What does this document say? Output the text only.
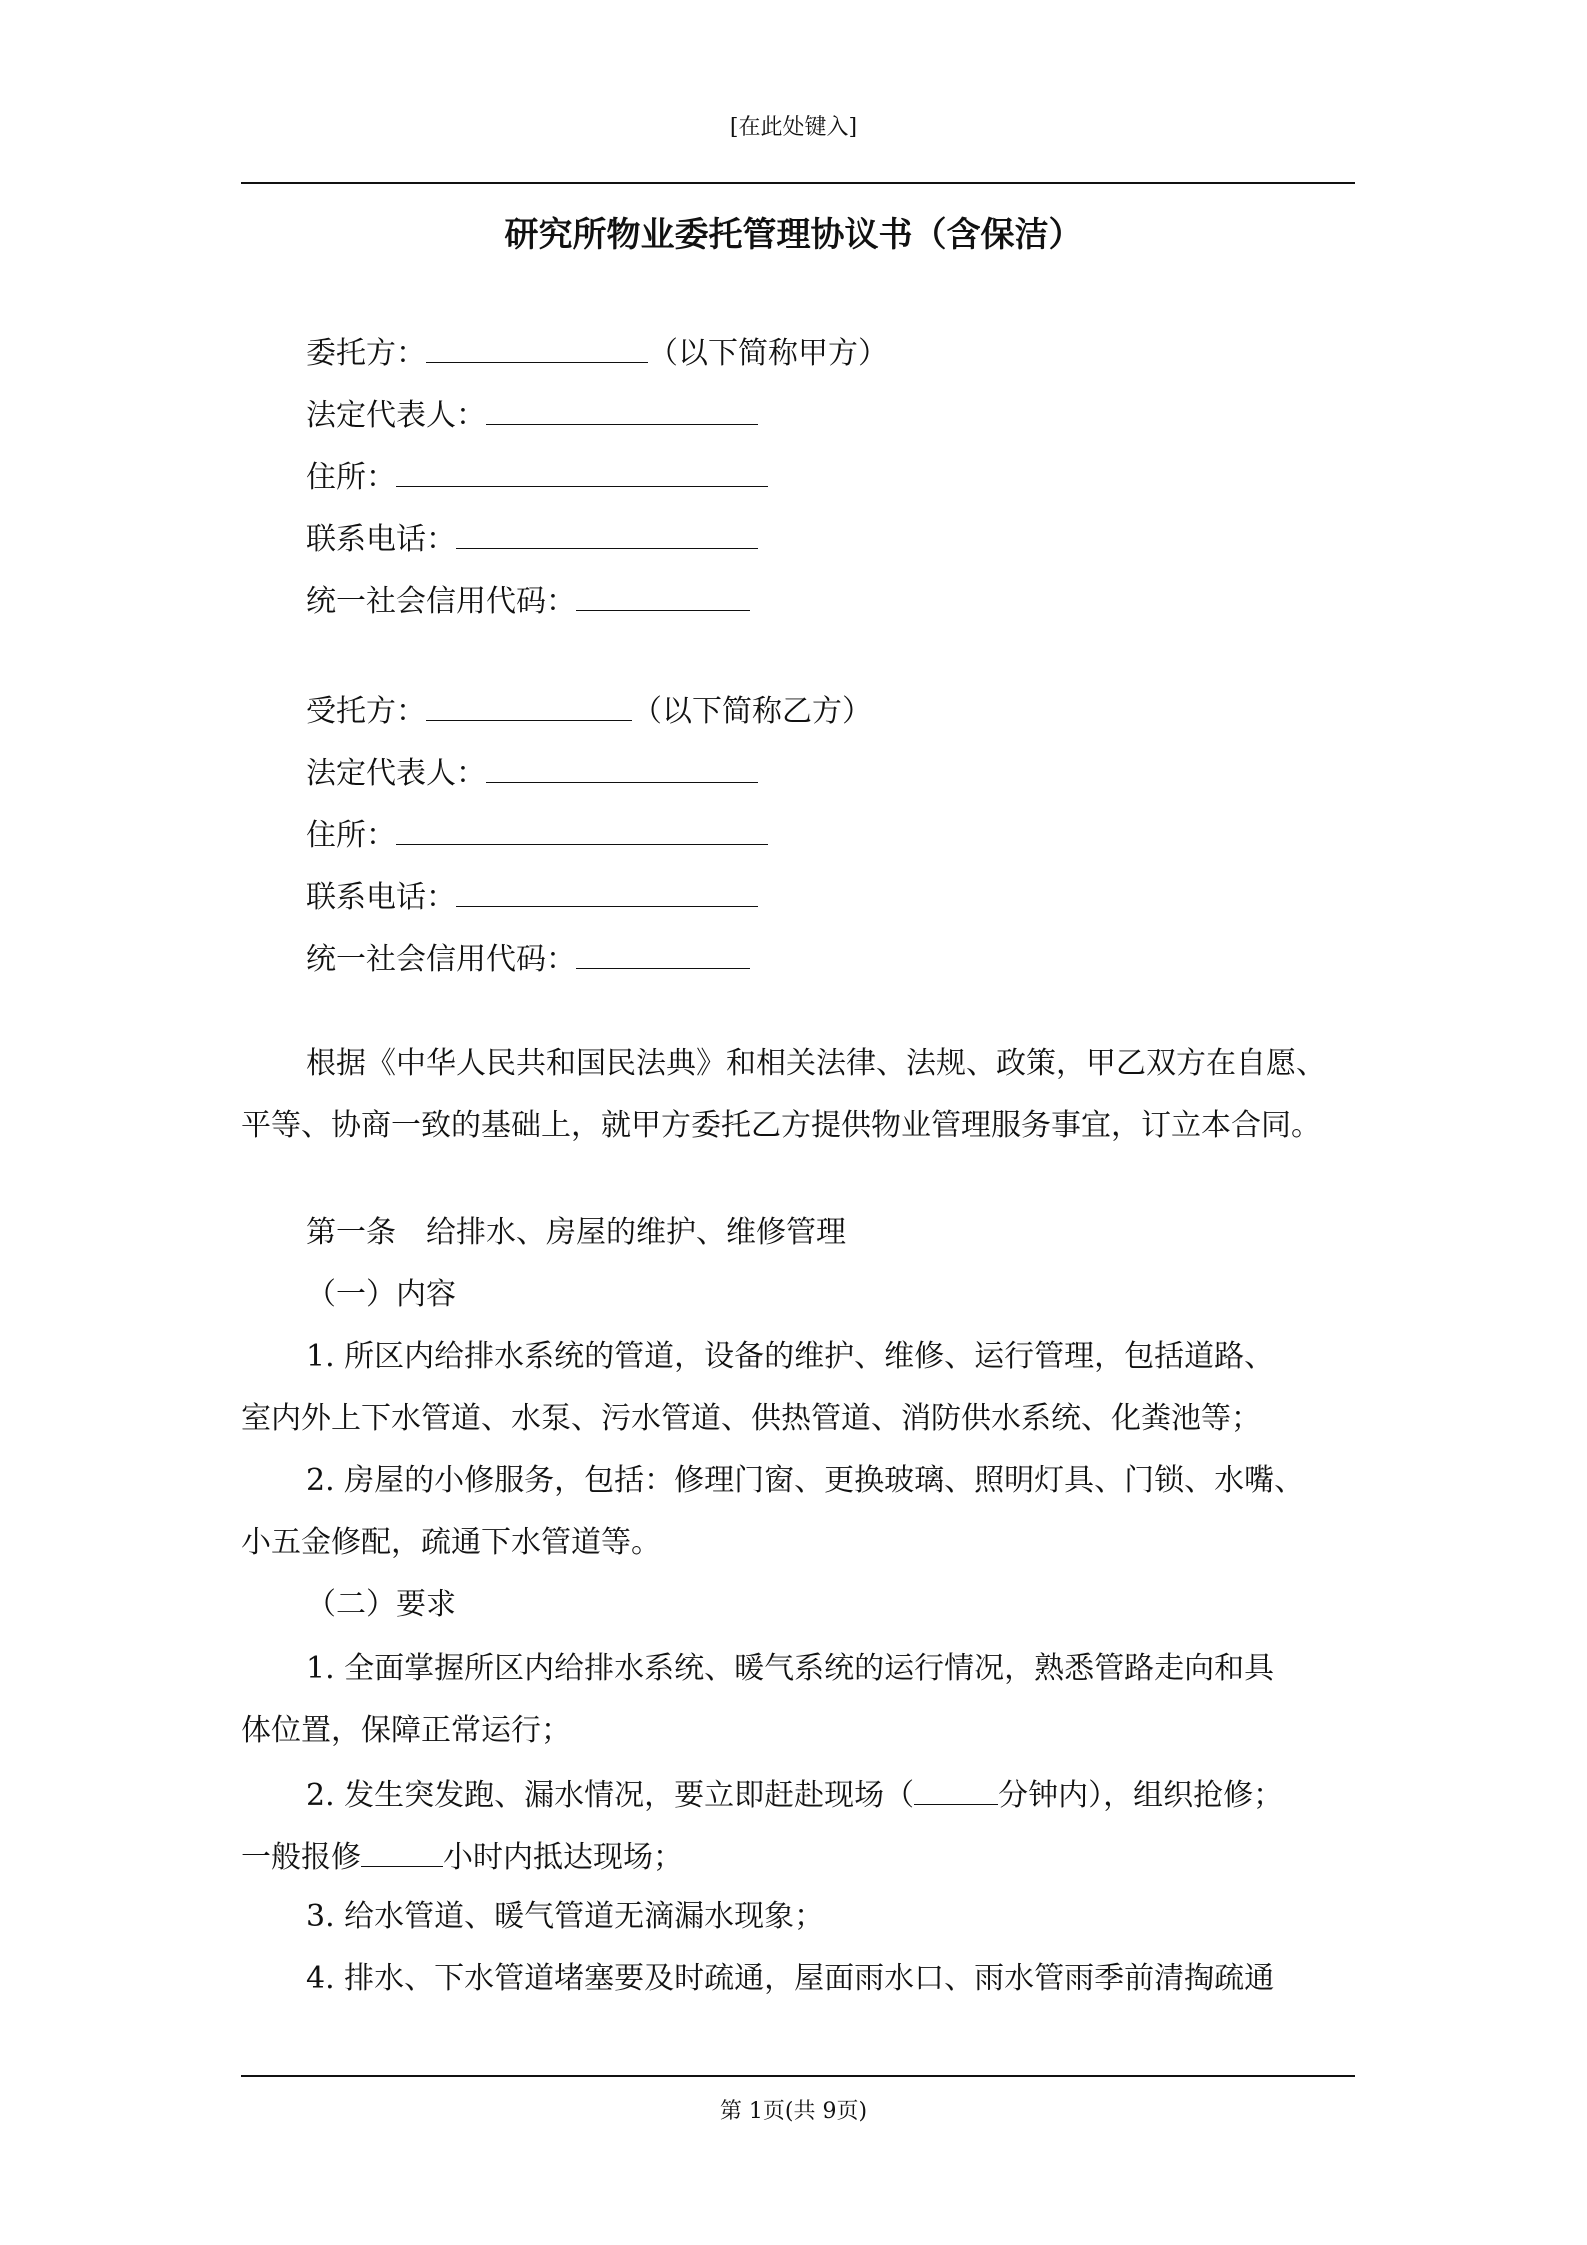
[在此处键入]
研究所物业委托管理协议书（含保洁）
委托方：	（以下简称甲方）
法定代表人：
住所：
联系电话：
统一社会信用代码：
受托方：	（以下简称乙方）
法定代表人：
住所：
联系电话：
统一社会信用代码：
根据《中华人民共和国民法典》和相关法律、法规、政策，甲乙双方在自愿、
平等、协商一致的基础上，就甲方委托乙方提供物业管理服务事宜，订立本合同。
第一条　给排水、房屋的维护、维修管理
（一）内容
1. 所区内给排水系统的管道，设备的维护、维修、运行管理，包括道路、
室内外上下水管道、水泵、污水管道、供热管道、消防供水系统、化粪池等；
2. 房屋的小修服务，包括：修理门窗、更换玻璃、照明灯具、门锁、水嘴、
小五金修配，疏通下水管道等。
（二）要求
1. 全面掌握所区内给排水系统、暖气系统的运行情况，熟悉管路走向和具
体位置，保障正常运行；
2. 发生突发跑、漏水情况，要立即赶赴现场（	分钟内），组织抢修；
一般报修	小时内抵达现场；
3. 给水管道、暖气管道无滴漏水现象；
4. 排水、下水管道堵塞要及时疏通，屋面雨水口、雨水管雨季前清掏疏通
第 1页(共 9页)
